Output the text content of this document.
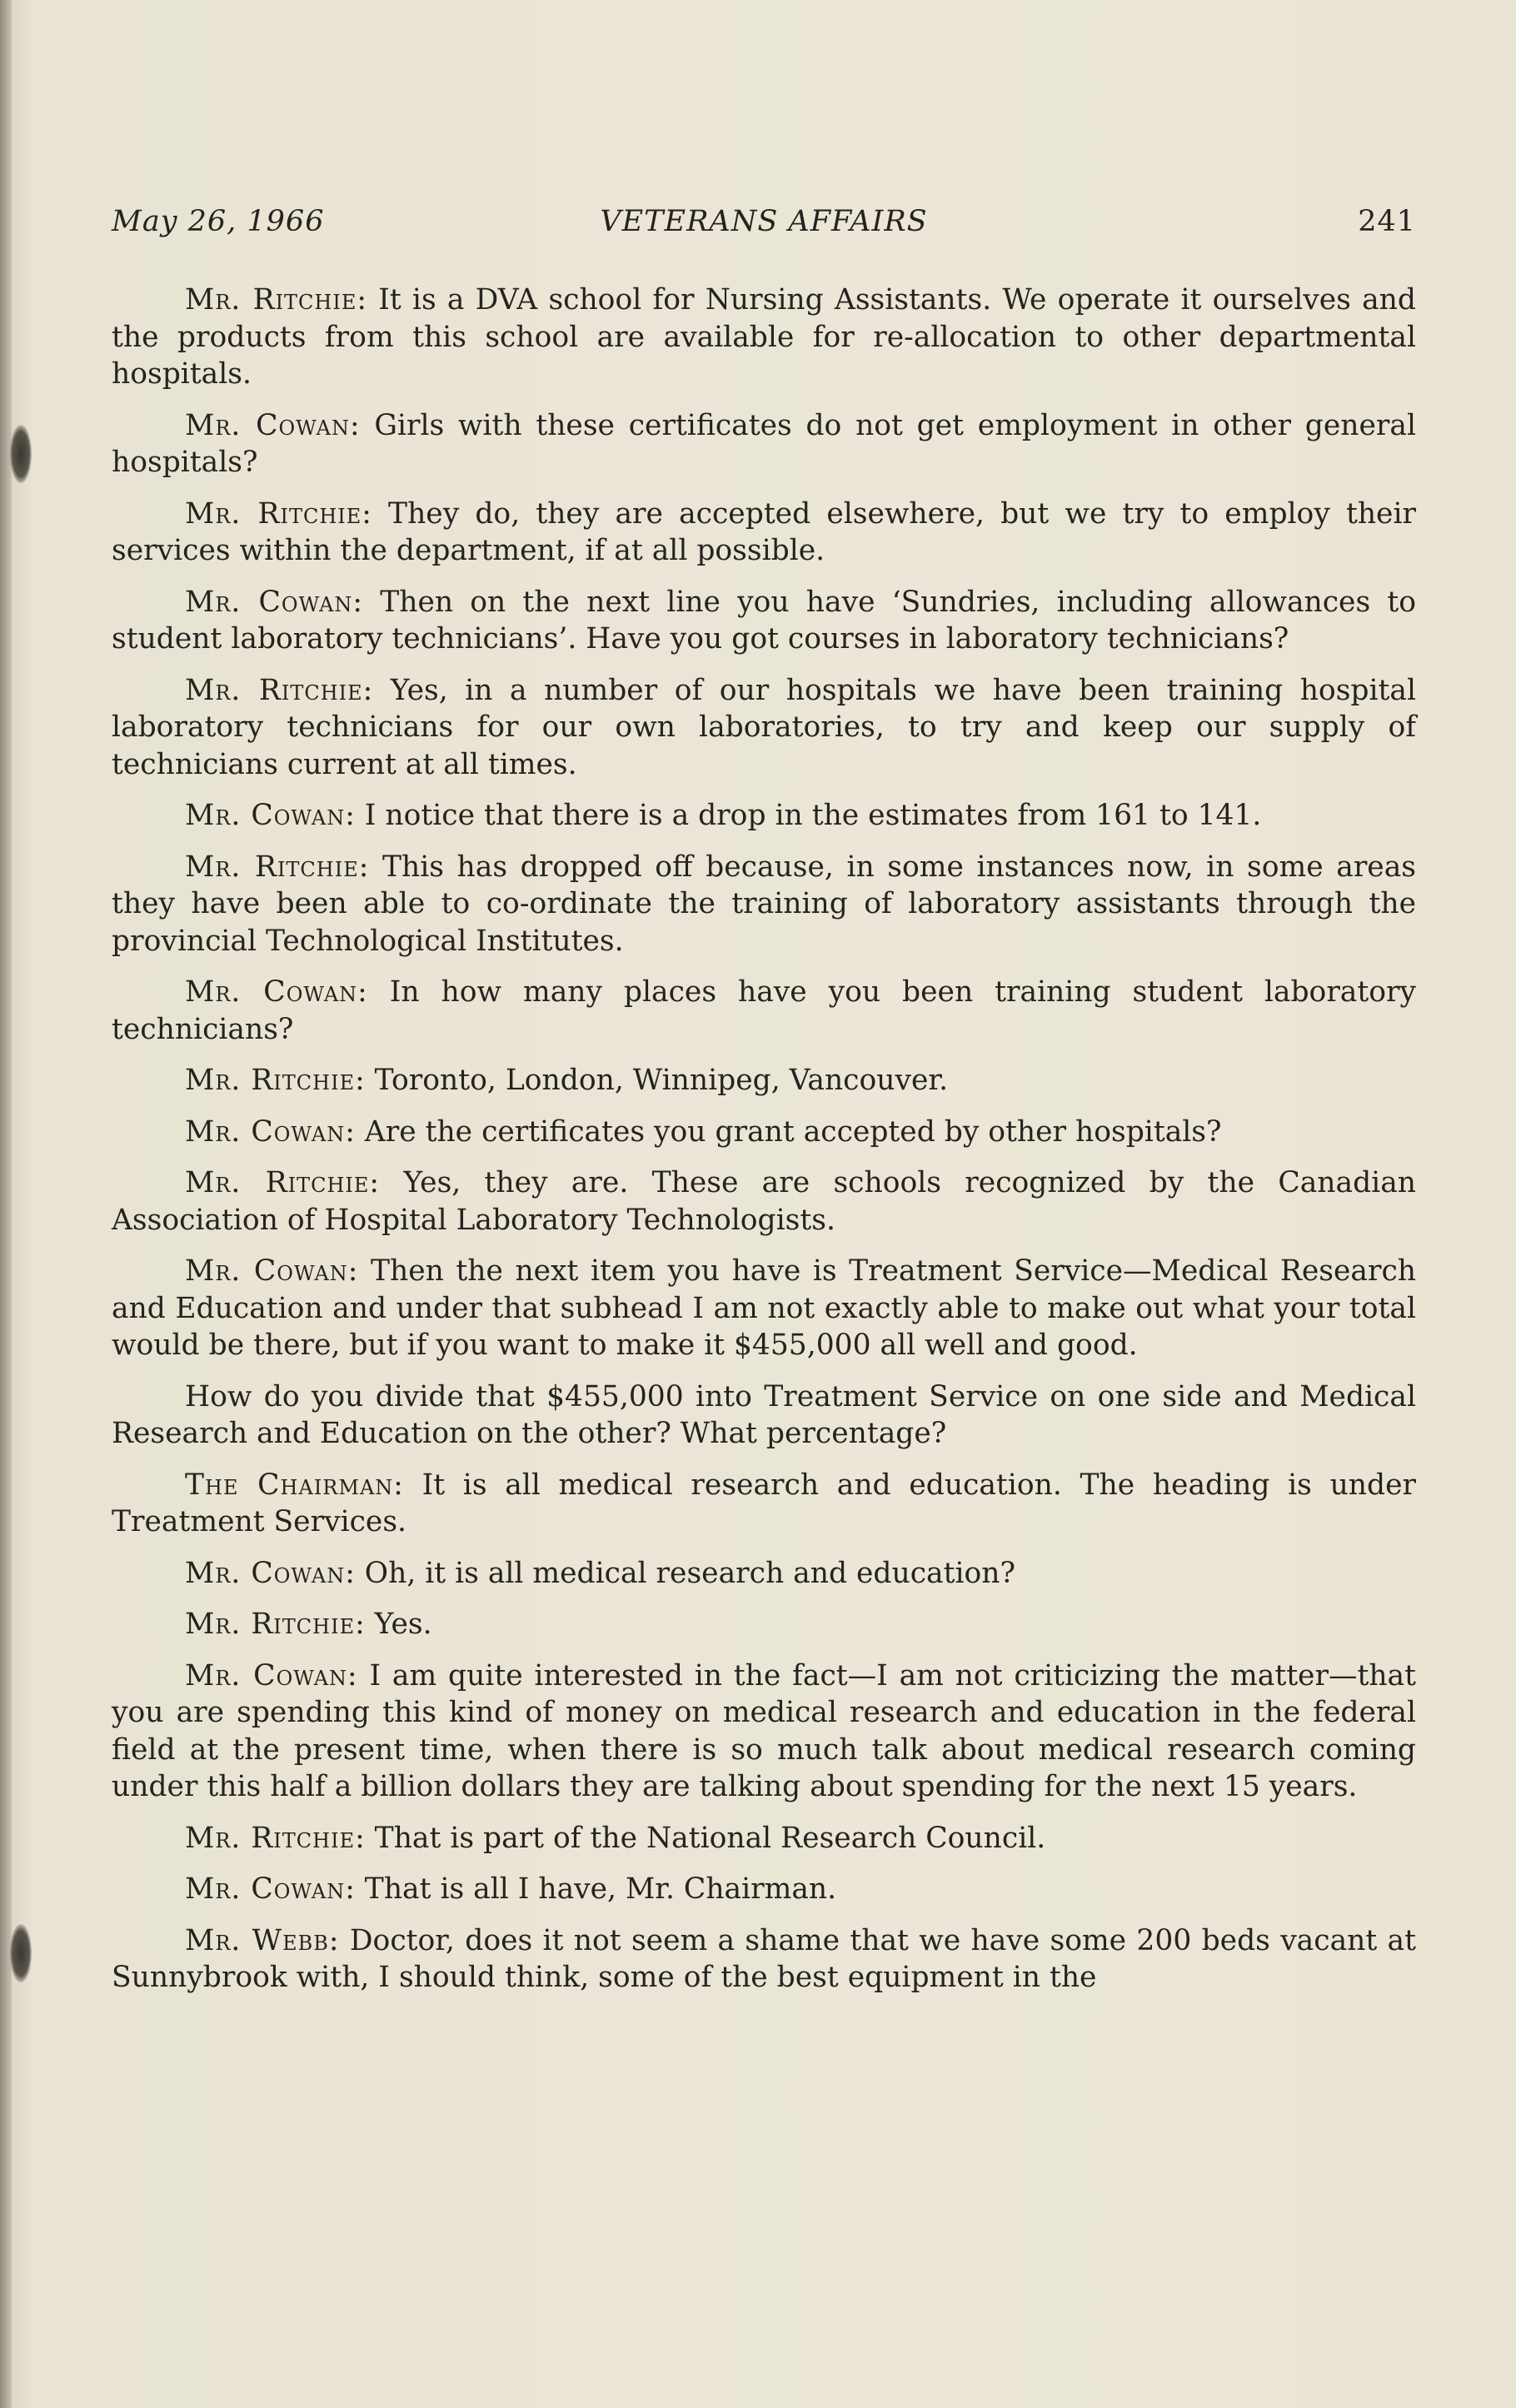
May 26, 1966	VETERANS AFFAIRS	241

Mr. Ritchie: It is a DVA school for Nursing Assistants. We operate it ourselves and the products from this school are available for re-allocation to other departmental hospitals.

Mr. Cowan: Girls with these certificates do not get employment in other general hospitals?

Mr. Ritchie: They do, they are accepted elsewhere, but we try to employ their services within the department, if at all possible.

Mr. Cowan: Then on the next line you have ‘Sundries, including allowances to student laboratory technicians’. Have you got courses in laboratory technicians?

Mr. Ritchie: Yes, in a number of our hospitals we have been training hospital laboratory technicians for our own laboratories, to try and keep our supply of technicians current at all times.

Mr. Cowan: I notice that there is a drop in the estimates from 161 to 141.

Mr. Ritchie: This has dropped off because, in some instances now, in some areas they have been able to co-ordinate the training of laboratory assistants through the provincial Technological Institutes.

Mr. Cowan: In how many places have you been training student laboratory technicians?

Mr. Ritchie: Toronto, London, Winnipeg, Vancouver.

Mr. Cowan: Are the certificates you grant accepted by other hospitals?

Mr. Ritchie: Yes, they are. These are schools recognized by the Canadian Association of Hospital Laboratory Technologists.

Mr. Cowan: Then the next item you have is Treatment Service—Medical Research and Education and under that subhead I am not exactly able to make out what your total would be there, but if you want to make it $455,000 all well and good.

How do you divide that $455,000 into Treatment Service on one side and Medical Research and Education on the other? What percentage?

The Chairman: It is all medical research and education. The heading is under Treatment Services.

Mr. Cowan: Oh, it is all medical research and education?

Mr. Ritchie: Yes.

Mr. Cowan: I am quite interested in the fact—I am not criticizing the matter—that you are spending this kind of money on medical research and education in the federal field at the present time, when there is so much talk about medical research coming under this half a billion dollars they are talking about spending for the next 15 years.

Mr. Ritchie: That is part of the National Research Council.

Mr. Cowan: That is all I have, Mr. Chairman.

Mr. Webb: Doctor, does it not seem a shame that we have some 200 beds vacant at Sunnybrook with, I should think, some of the best equipment in the
